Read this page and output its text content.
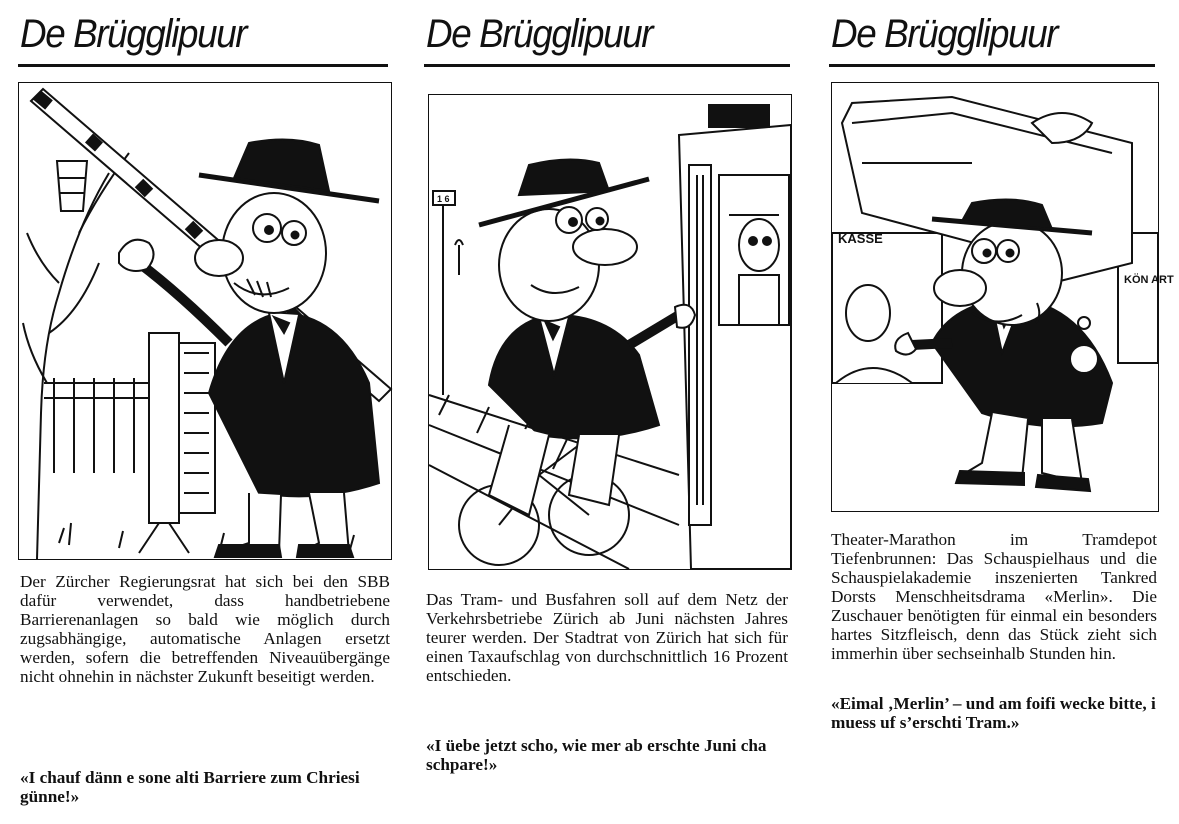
De Brügglipuur

Der Zürcher Regierungsrat hat sich bei den SBB dafür verwendet, dass handbetriebene Barrierenanlagen so bald wie möglich durch zugsabhängige, automatische Anlagen ersetzt werden, sofern die betreffenden Niveauübergänge nicht ohnehin in nächster Zukunft beseitigt werden.

«I chauf dänn e sone alti Barriere zum Chriesi günne!»

De Brügglipuur
1 6

Das Tram- und Busfahren soll auf dem Netz der Verkehrsbetriebe Zürich ab Juni nächsten Jahres teurer werden. Der Stadtrat von Zürich hat sich für einen Taxaufschlag von durchschnittlich 16 Prozent entschieden.

«I üebe jetzt scho, wie mer ab erschte Juni cha schpare!»

De Brügglipuur
KASSE
KÖN ART

Theater-Marathon im Tramdepot Tiefenbrunnen: Das Schauspielhaus und die Schauspielakademie inszenierten Tankred Dorsts Menschheitsdrama «Merlin». Die Zuschauer benötigten für einmal ein besonders hartes Sitzfleisch, denn das Stück zieht sich immerhin über sechseinhalb Stunden hin.

«Eimal ‚Merlin’ – und am foifi wecke bitte, i muess uf s’erschti Tram.»
